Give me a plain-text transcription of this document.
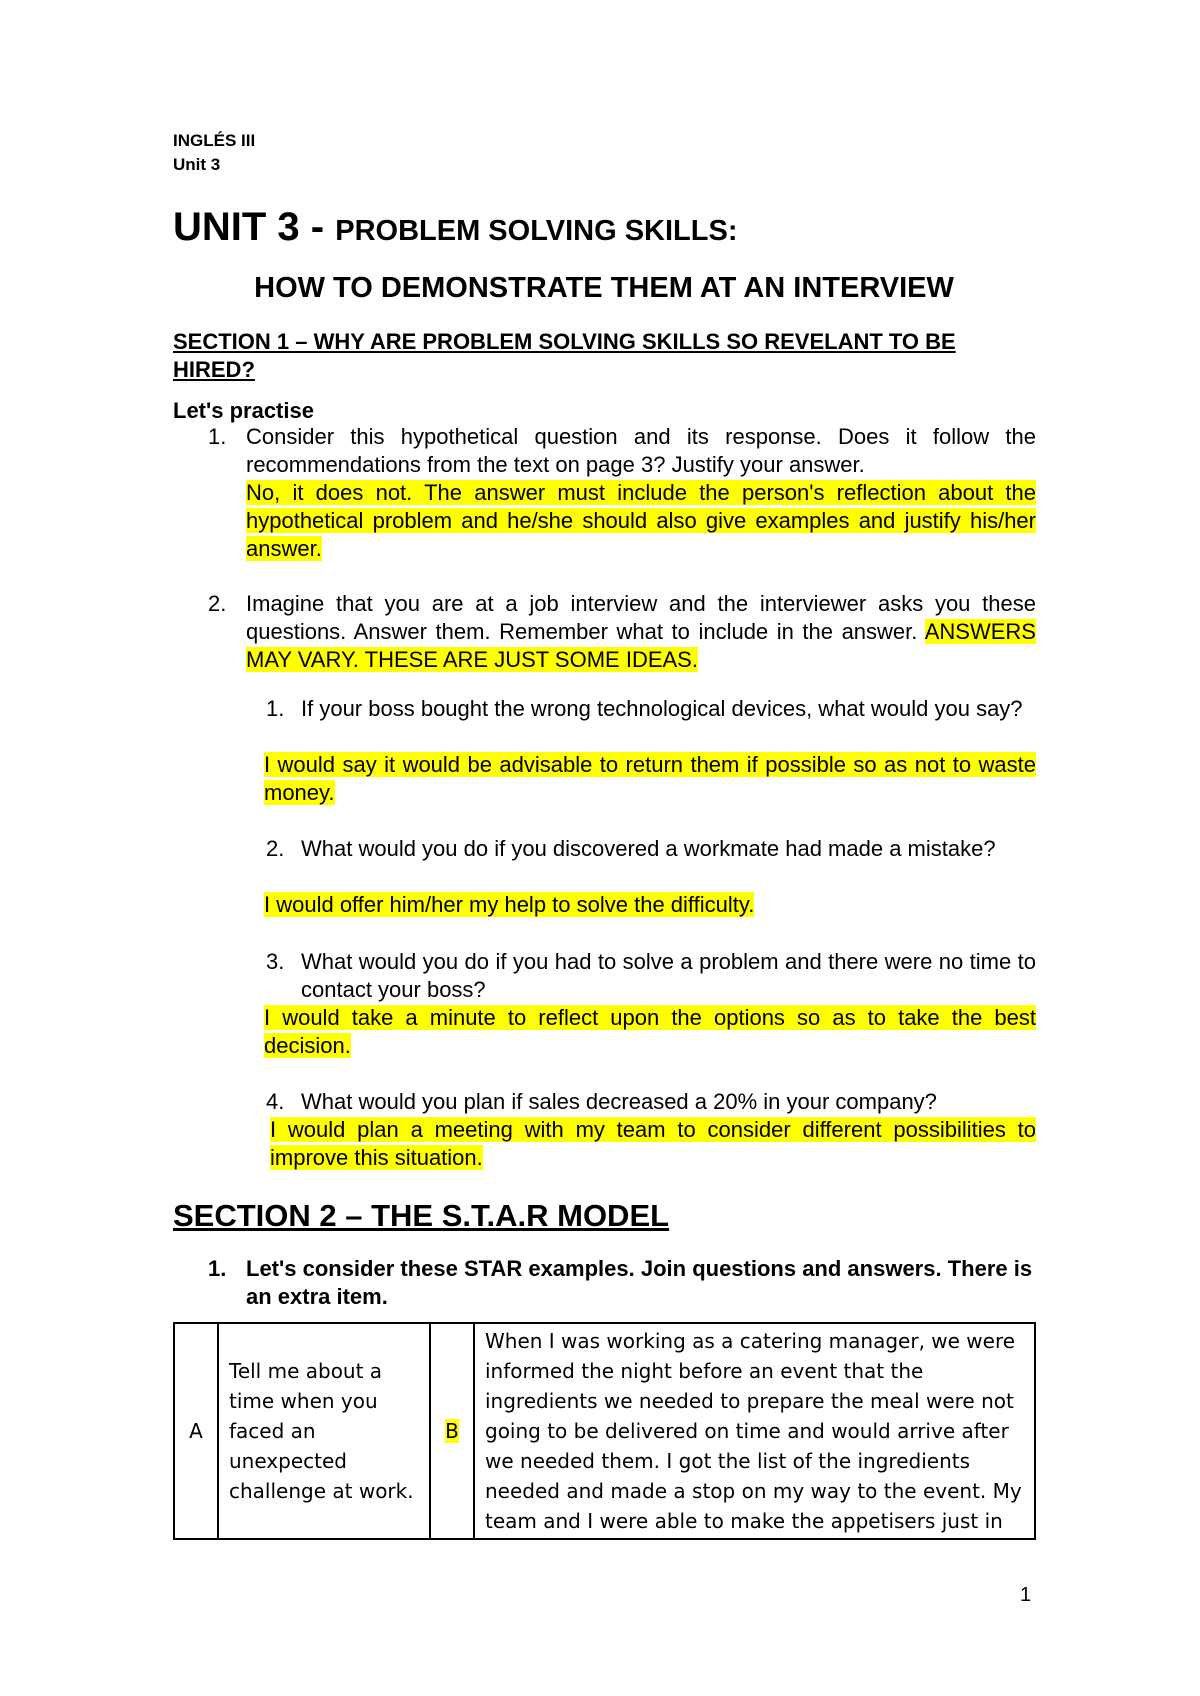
INGLÉS III
Unit 3
UNIT 3 - PROBLEM SOLVING SKILLS:
HOW TO DEMONSTRATE THEM AT AN INTERVIEW
SECTION 1 – WHY ARE PROBLEM SOLVING SKILLS SO REVELANT TO BE HIRED?
Let's practise
1. Consider this hypothetical question and its response. Does it follow the recommendations from the text on page 3? Justify your answer.
No, it does not. The answer must include the person's reflection about the hypothetical problem and he/she should also give examples and justify his/her answer.
2. Imagine that you are at a job interview and the interviewer asks you these questions. Answer them. Remember what to include in the answer. ANSWERS MAY VARY. THESE ARE JUST SOME IDEAS.
1. If your boss bought the wrong technological devices, what would you say?
I would say it would be advisable to return them if possible so as not to waste money.
2. What would you do if you discovered a workmate had made a mistake?
I would offer him/her my help to solve the difficulty.
3. What would you do if you had to solve a problem and there were no time to contact your boss?
I would take a minute to reflect upon the options so as to take the best decision.
4. What would you plan if sales decreased a 20% in your company?
I would plan a meeting with my team to consider different possibilities to improve this situation.
SECTION 2 – THE S.T.A.R MODEL
1. Let's consider these STAR examples. Join questions and answers. There is an extra item.
A	Tell me about a time when you faced an unexpected challenge at work.	B	When I was working as a catering manager, we were informed the night before an event that the ingredients we needed to prepare the meal were not going to be delivered on time and would arrive after we needed them. I got the list of the ingredients needed and made a stop on my way to the event. My team and I were able to make the appetisers just in
1
